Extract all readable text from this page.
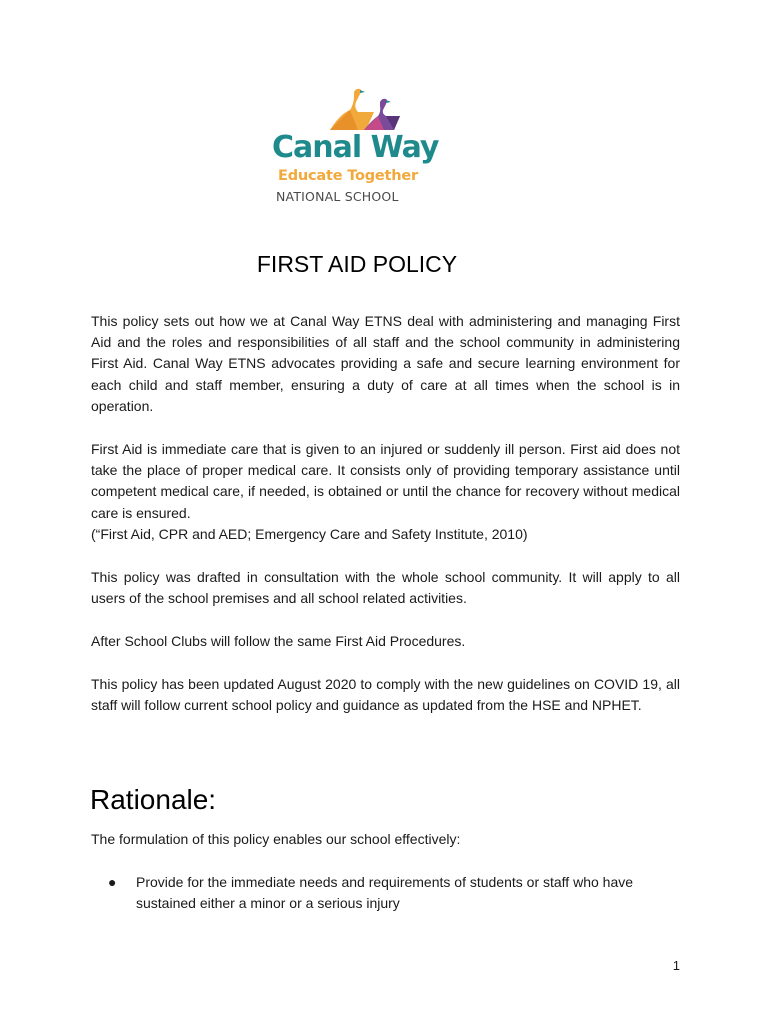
Canal Way
Educate Together
NATIONAL SCHOOL
FIRST AID POLICY

This policy sets out how we at Canal Way ETNS deal with administering and managing First Aid and the roles and responsibilities of all staff and the school community in administering First Aid. Canal Way ETNS advocates providing a safe and secure learning environment for each child and staff member, ensuring a duty of care at all times when the school is in operation.

First Aid is immediate care that is given to an injured or suddenly ill person. First aid does not take the place of proper medical care. It consists only of providing temporary assistance until competent medical care, if needed, is obtained or until the chance for recovery without medical care is ensured.

(“First Aid, CPR and AED; Emergency Care and Safety Institute, 2010)

This policy was drafted in consultation with the whole school community. It will apply to all users of the school premises and all school related activities.

After School Clubs will follow the same First Aid Procedures.

This policy has been updated August 2020 to comply with the new guidelines on COVID 19, all staff will follow current school policy and guidance as updated from the HSE and NPHET.

Rationale:

The formulation of this policy enables our school effectively:

● Provide for the immediate needs and requirements of students or staff who have sustained either a minor or a serious injury
1
